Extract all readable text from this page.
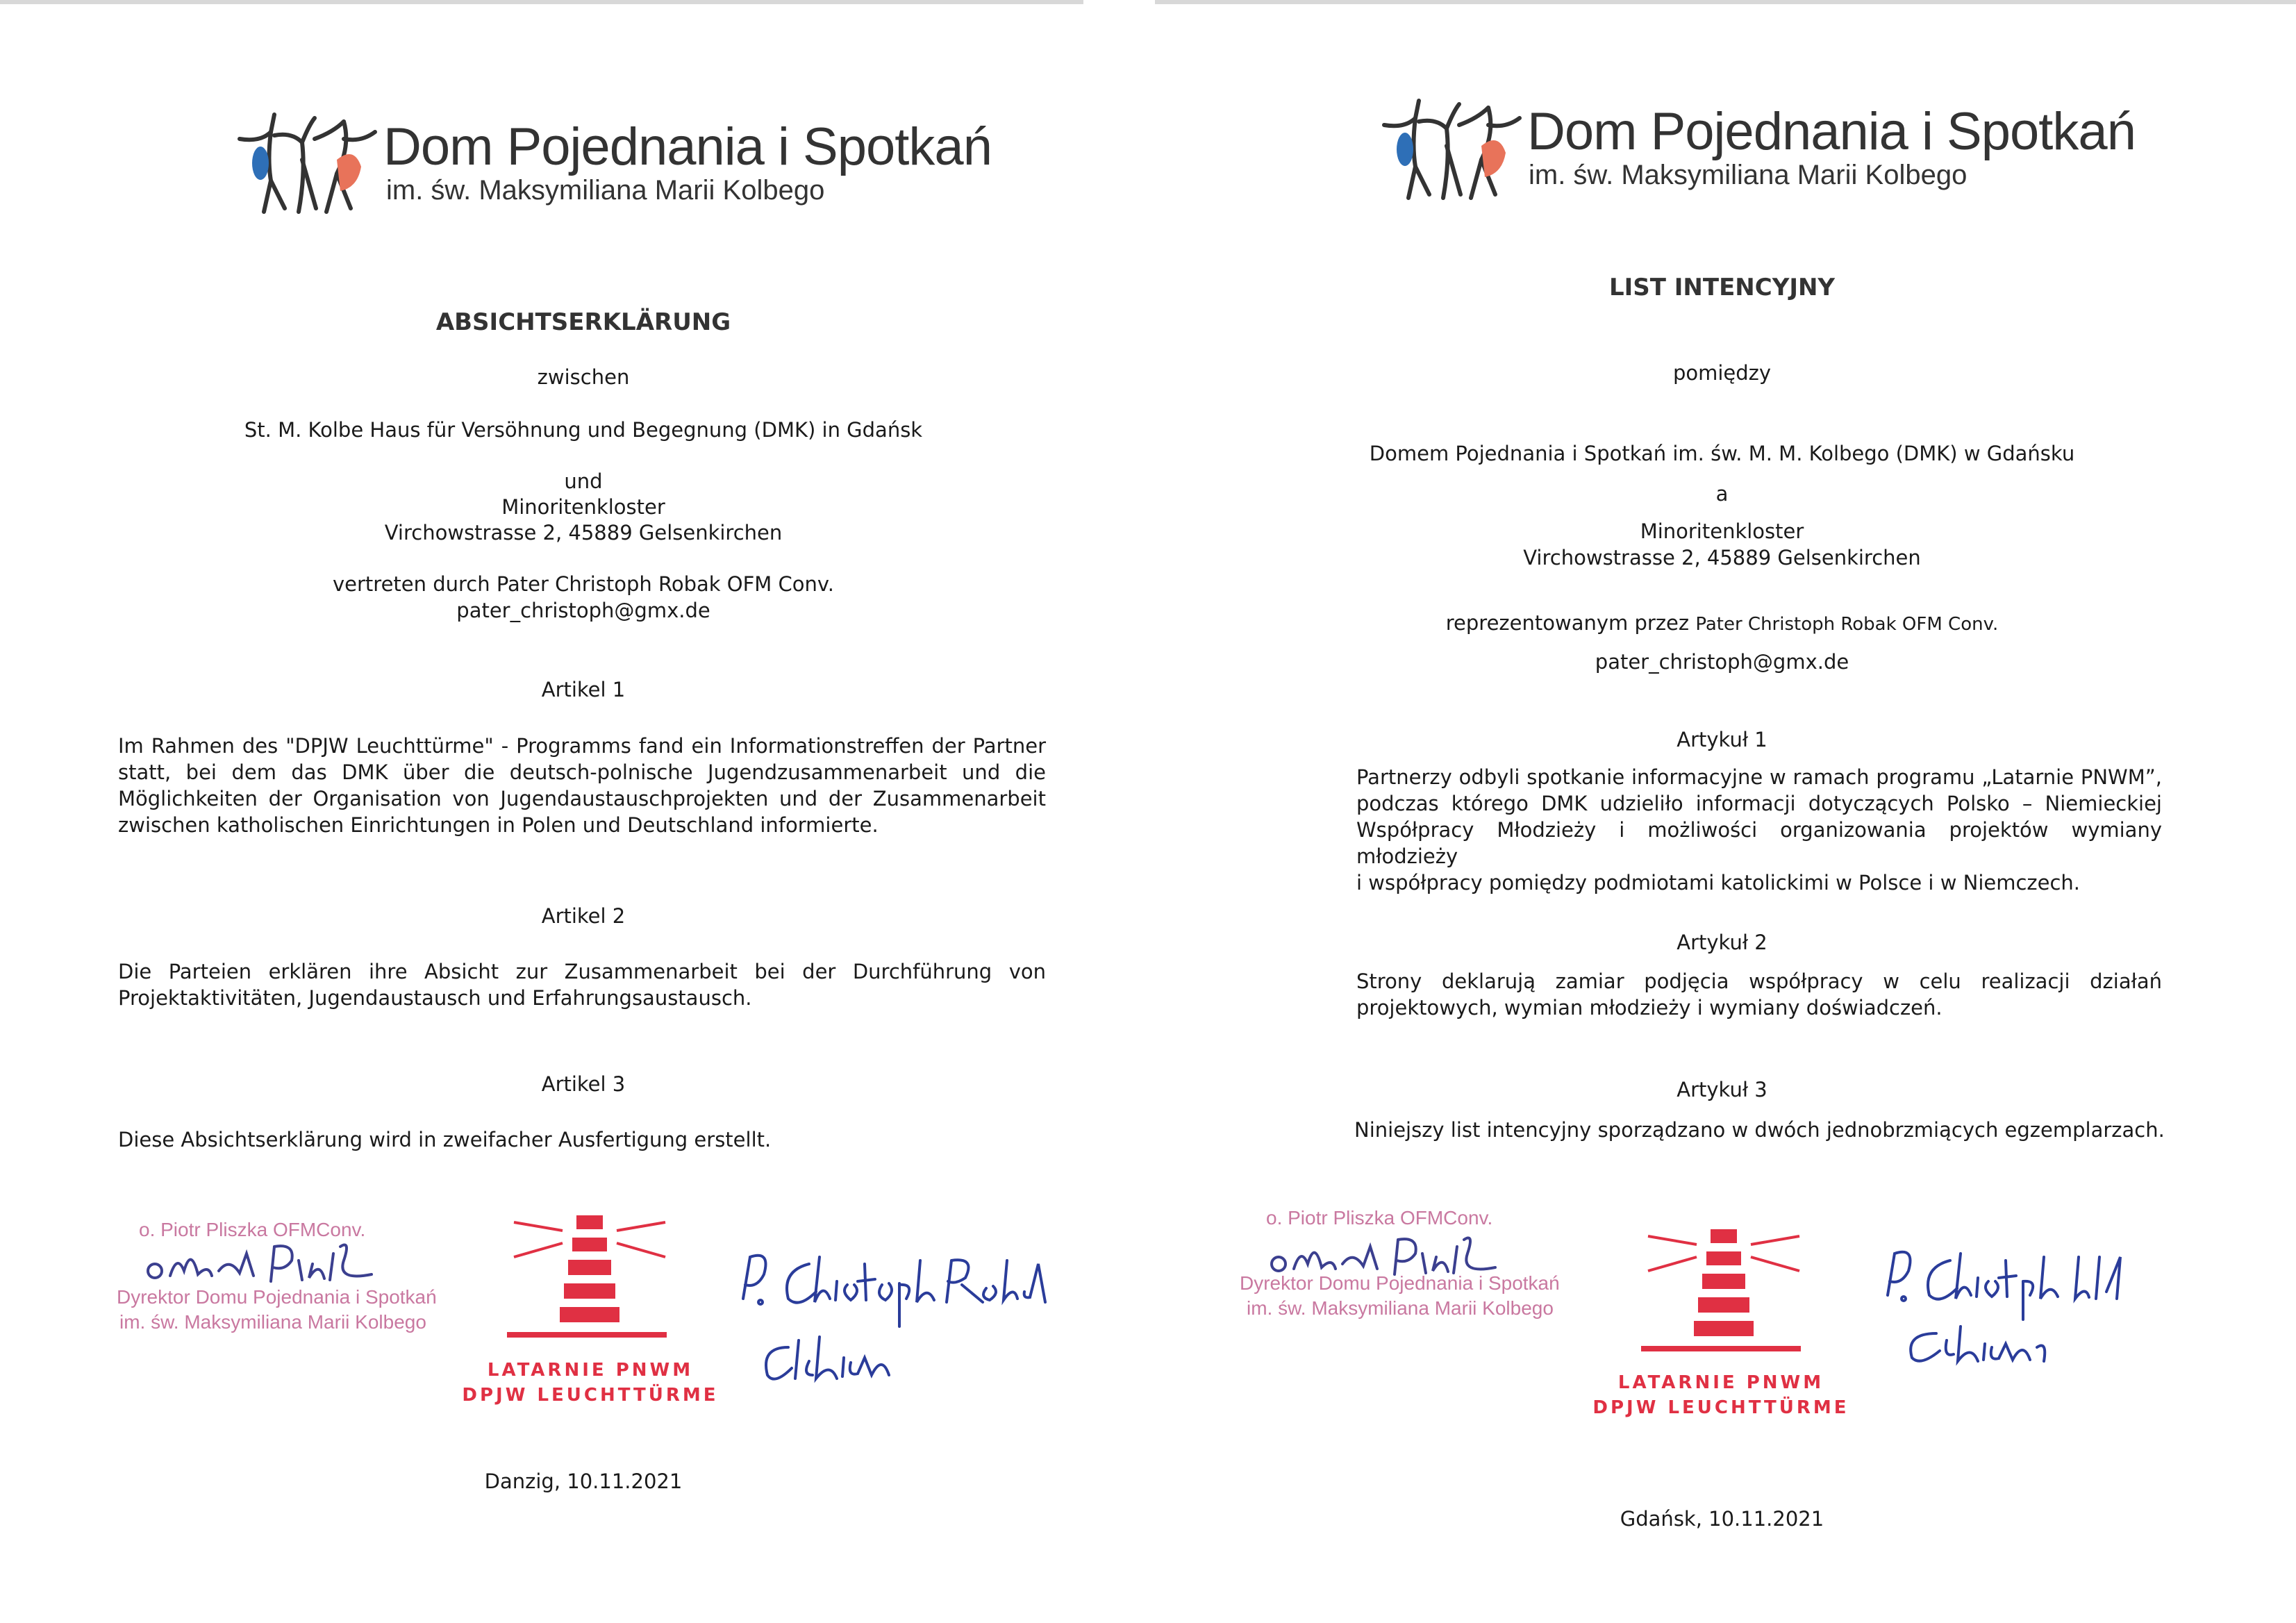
Dom Pojednania i Spotkań
im. św. Maksymiliana Marii Kolbego
ABSICHTSERKLÄRUNG
zwischen
St. M. Kolbe Haus für Versöhnung und Begegnung (DMK) in Gdańsk
und
Minoritenkloster
Virchowstrasse 2, 45889 Gelsenkirchen
vertreten durch Pater Christoph Robak OFM Conv.
pater_christoph@gmx.de
Artikel 1

Im Rahmen des "DPJW Leuchttürme" - Programms fand ein Informationstreffen der Partner

statt, bei dem das DMK über die deutsch-polnische Jugendzusammenarbeit und die

Möglichkeiten der Organisation von Jugendaustauschprojekten und der Zusammenarbeit

zwischen katholischen Einrichtungen in Polen und Deutschland informierte.

Artikel 2

Die Parteien erklären ihre Absicht zur Zusammenarbeit bei der Durchführung von

Projektaktivitäten, Jugendaustausch und Erfahrungsaustausch.

Artikel 3
Diese Absichtserklärung wird in zweifacher Ausfertigung erstellt.
o. Piotr Pliszka OFMConv.
Dyrektor Domu Pojednania i Spotkań
im. św. Maksymiliana Marii Kolbego
LATARNIE PNWM
DPJW LEUCHTTÜRME
Danzig, 10.11.2021
Dom Pojednania i Spotkań
im. św. Maksymiliana Marii Kolbego
LIST INTENCYJNY
pomiędzy
Domem Pojednania i Spotkań im. św. M. M. Kolbego (DMK) w Gdańsku
a
Minoritenkloster
Virchowstrasse 2, 45889 Gelsenkirchen
reprezentowanym przez Pater Christoph Robak OFM Conv.
pater_christoph@gmx.de
Artykuł 1

Partnerzy odbyli spotkanie informacyjne w ramach programu „Latarnie PNWM”,

podczas którego DMK udzieliło informacji dotyczących Polsko – Niemieckiej

Współpracy Młodzieży i możliwości organizowania projektów wymiany młodzieży

i współpracy pomiędzy podmiotami katolickimi w Polsce i w Niemczech.

Artykuł 2

Strony deklarują zamiar podjęcia współpracy w celu realizacji działań

projektowych, wymian młodzieży i wymiany doświadczeń.

Artykuł 3
Niniejszy list intencyjny sporządzano w dwóch jednobrzmiących egzemplarzach.
o. Piotr Pliszka OFMConv.
Dyrektor Domu Pojednania i Spotkań
im. św. Maksymiliana Marii Kolbego
LATARNIE PNWM
DPJW LEUCHTTÜRME
Gdańsk, 10.11.2021
